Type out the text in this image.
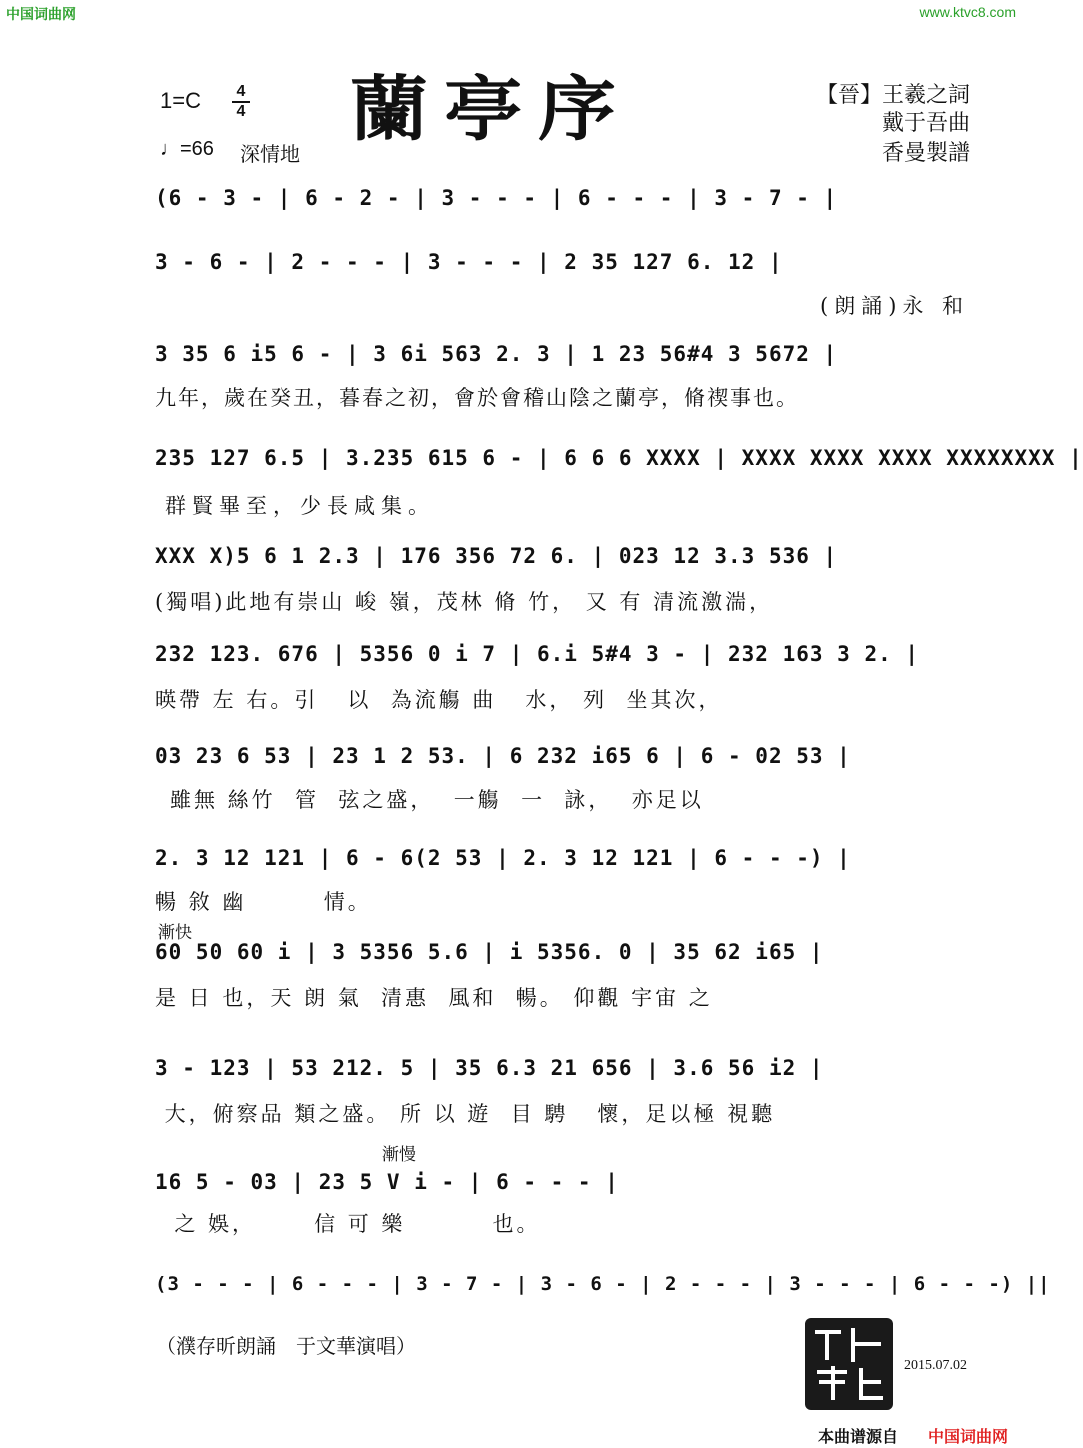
中国词曲网	www.ktvc8.com
1=C 4
4
♩=66 深情地
蘭亭序	【晉】王羲之詞
戴于吾曲
香曼製譜
(6 - 3 - | 6 - 2 - | 3 - - - | 6 - - - | 3 - 7 - |
3 - 6 - | 2 - - - | 3 - - - | 2 35 127 6. 12 |
(朗誦)永 和
3 35 6 i5 6 - | 3 6i 563 2. 3 | 1 23 56#4 3 5672 |
九年，歲在癸丑，暮春之初，會於會稽山陰之蘭亭，脩禊事也。
235 127 6.5 | 3.235 615 6 - | 6 6 6 XXXX | XXXX XXXX XXXX XXXXXXXX |
群賢畢至，少長咸集。
XXX X)5 6 1 2.3 | 176 356 72 6. | 023 12 3.3 536 |
(獨唱)此地有崇山 峻 嶺，茂林 脩 竹， 又 有 清流激湍，
232 123. 676 | 5356 0 i 7 | 6.i 5#4 3 - | 232 163 3 2. |
暎帶 左 右。引   以  為流觴 曲   水， 列  坐其次，
03 23 6 53 | 23 1 2 53. | 6 232 i65 6 | 6 - 02 53 |
雖無 絲竹  管  弦之盛，  一觴  一  詠，  亦足以
2. 3 12 121 | 6 - 6(2 53 | 2. 3 12 121 | 6 - - -) |
暢 敘 幽        情。
漸快
60 50 60 i | 3 5356 5.6 | i 5356. 0 | 35 62 i65 |
是 日 也，天 朗 氣  清惠  風和  暢。 仰觀 宇宙 之
3 - 123 | 53 212. 5 | 35 6.3 21 656 | 3.6 56 i2 |
大，俯察品 類之盛。 所 以 遊  目 騁   懷，足以極 視聽
漸慢
16 5 - 03 | 23 5 V i - | 6 - - - |
之 娛，      信 可 樂         也。
(3 - - - | 6 - - - | 3 - 7 - | 3 - 6 - | 2 - - - | 3 - - - | 6 - - -) ||
（濮存昕朗誦　于文華演唱）
2015.07.02
本曲谱源自 中国词曲网
